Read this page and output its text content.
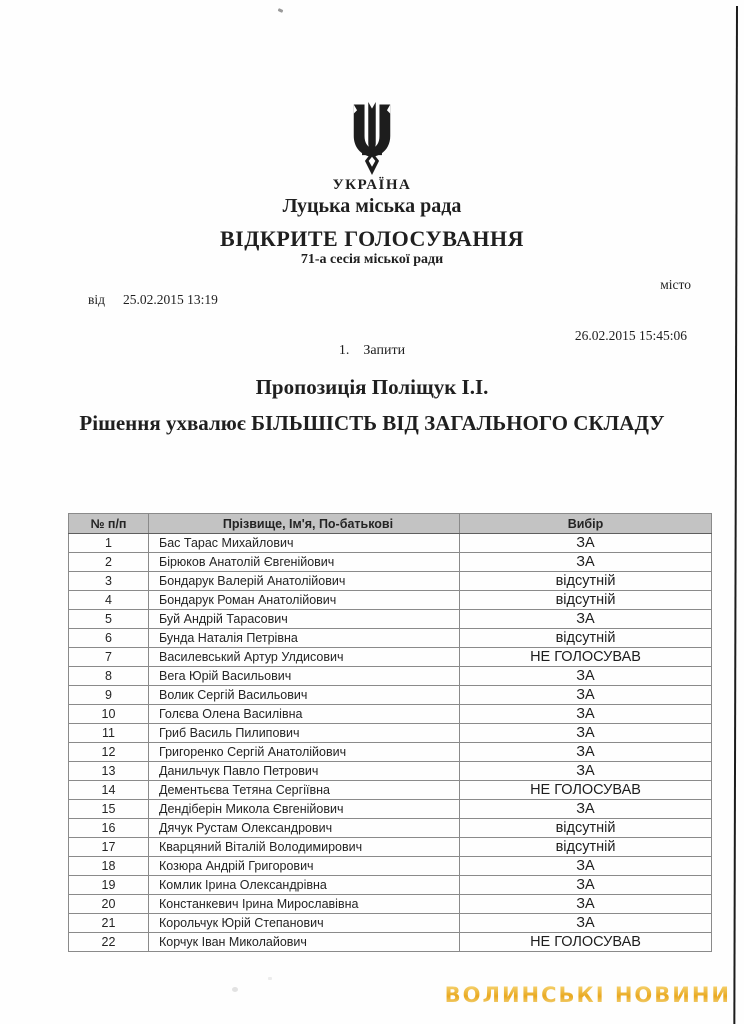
УКРАЇНА
Луцька міська рада
ВІДКРИТЕ ГОЛОСУВАННЯ
71-а сесія міської ради
місто
від 25.02.2015 13:19
26.02.2015 15:45:06
1. Запити
Пропозиція Поліщук І.І.
Рішення ухвалює БІЛЬШІСТЬ ВІД ЗАГАЛЬНОГО СКЛАДУ
№ п/п	Прізвище, Ім'я, По-батькові	Вибір
1	Бас Тарас Михайлович	ЗА
2	Бірюков Анатолій Євгенійович	ЗА
3	Бондарук Валерій Анатолійович	відсутній
4	Бондарук Роман Анатолійович	відсутній
5	Буй Андрій Тарасович	ЗА
6	Бунда Наталія Петрівна	відсутній
7	Василевський Артур Улдисович	НЕ ГОЛОСУВАВ
8	Вега Юрій Васильович	ЗА
9	Волик Сергій Васильович	ЗА
10	Голєва Олена Василівна	ЗА
11	Гриб Василь Пилипович	ЗА
12	Григоренко Сергій Анатолійович	ЗА
13	Данильчук Павло Петрович	ЗА
14	Дементьєва Тетяна Сергіївна	НЕ ГОЛОСУВАВ
15	Дендіберін Микола Євгенійович	ЗА
16	Дячук Рустам Олександрович	відсутній
17	Кварцяний Віталій Володимирович	відсутній
18	Козюра Андрій Григорович	ЗА
19	Комлик Ірина Олександрівна	ЗА
20	Констанкевич Ірина Мирославівна	ЗА
21	Корольчук Юрій Степанович	ЗА
22	Корчук Іван Миколайович	НЕ ГОЛОСУВАВ
ВОЛИНСЬКІ НОВИНИ
